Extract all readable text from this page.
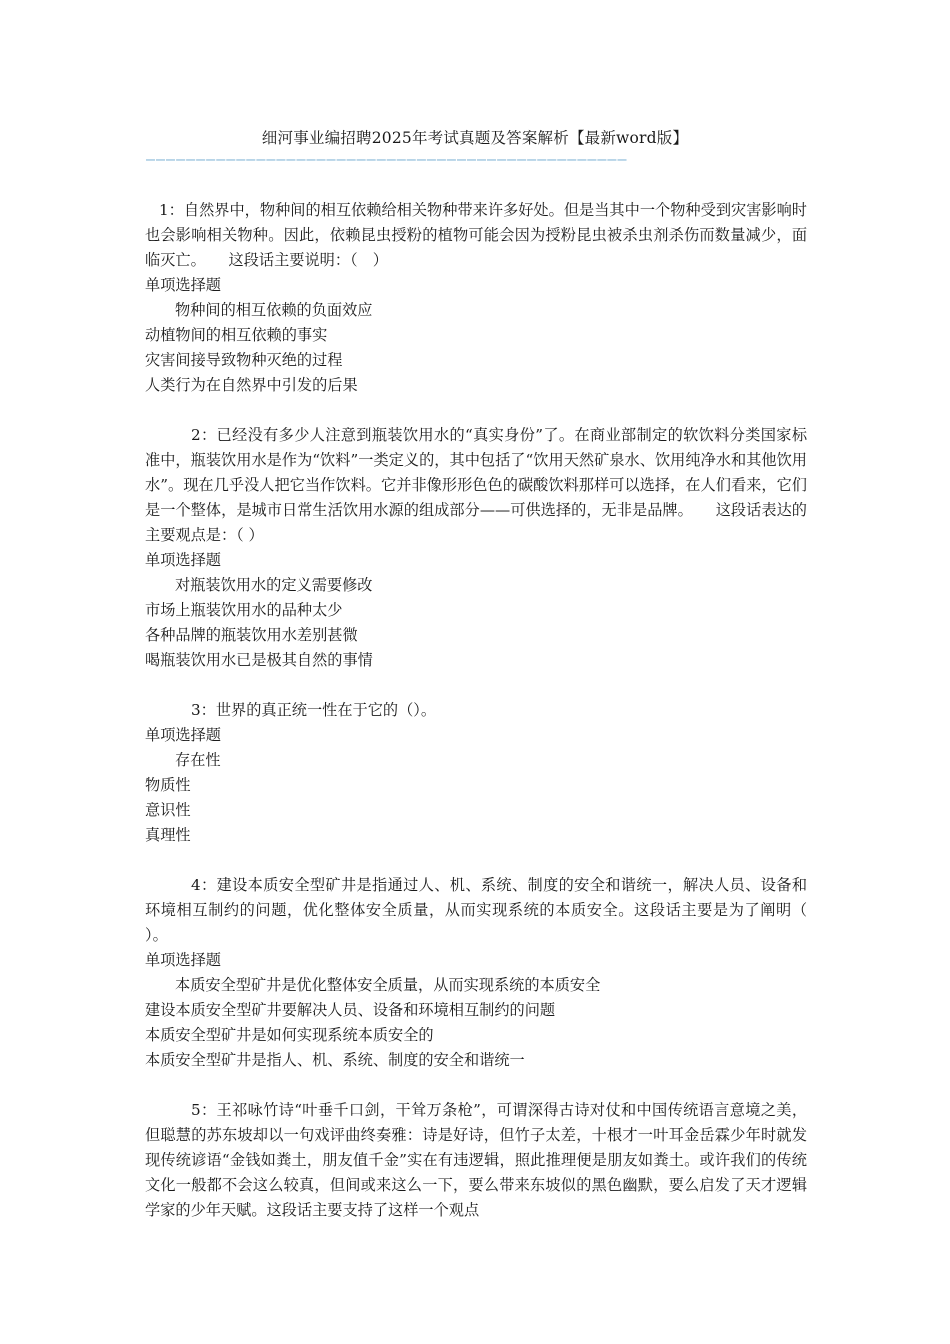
细河事业编招聘2025年考试真题及答案解析【最新word版】
————————————————————————————————————————————————

1：自然界中，物种间的相互依赖给相关物种带来许多好处。但是当其中一个物种受到灾害影响时也会影响相关物种。因此，依赖昆虫授粉的植物可能会因为授粉昆虫被杀虫剂杀伤而数量减少，面临灭亡。　　这段话主要说明：（　）

单项选择题

物种间的相互依赖的负面效应

动植物间的相互依赖的事实

灾害间接导致物种灭绝的过程

人类行为在自然界中引发的后果

2：已经没有多少人注意到瓶装饮用水的“真实身份”了。在商业部制定的软饮料分类国家标准中，瓶装饮用水是作为“饮料”一类定义的，其中包括了“饮用天然矿泉水、饮用纯净水和其他饮用水”。现在几乎没人把它当作饮料。它并非像形形色色的碳酸饮料那样可以选择，在人们看来，它们是一个整体，是城市日常生活饮用水源的组成部分——可供选择的，无非是品牌。　　这段话表达的主要观点是：（ ）

单项选择题

对瓶装饮用水的定义需要修改

市场上瓶装饮用水的品种太少

各种品牌的瓶装饮用水差别甚微

喝瓶装饮用水已是极其自然的事情

3：世界的真正统一性在于它的（）。

单项选择题

存在性

物质性

意识性

真理性

4：建设本质安全型矿井是指通过人、机、系统、制度的安全和谐统一，解决人员、设备和环境相互制约的问题，优化整体安全质量，从而实现系统的本质安全。这段话主要是为了阐明（ ）。

单项选择题

本质安全型矿井是优化整体安全质量，从而实现系统的本质安全

建设本质安全型矿井要解决人员、设备和环境相互制约的问题

本质安全型矿井是如何实现系统本质安全的

本质安全型矿井是指人、机、系统、制度的安全和谐统一

5：王祁咏竹诗“叶垂千口剑，干耸万条枪”，可谓深得古诗对仗和中国传统语言意境之美，但聪慧的苏东坡却以一句戏评曲终奏雅：诗是好诗，但竹子太差，十根才一叶耳金岳霖少年时就发现传统谚语“金钱如粪土，朋友值千金”实在有违逻辑，照此推理便是朋友如粪土。或许我们的传统文化一般都不会这么较真，但间或来这么一下，要么带来东坡似的黑色幽默，要么启发了天才逻辑学家的少年天赋。这段话主要支持了这样一个观点
